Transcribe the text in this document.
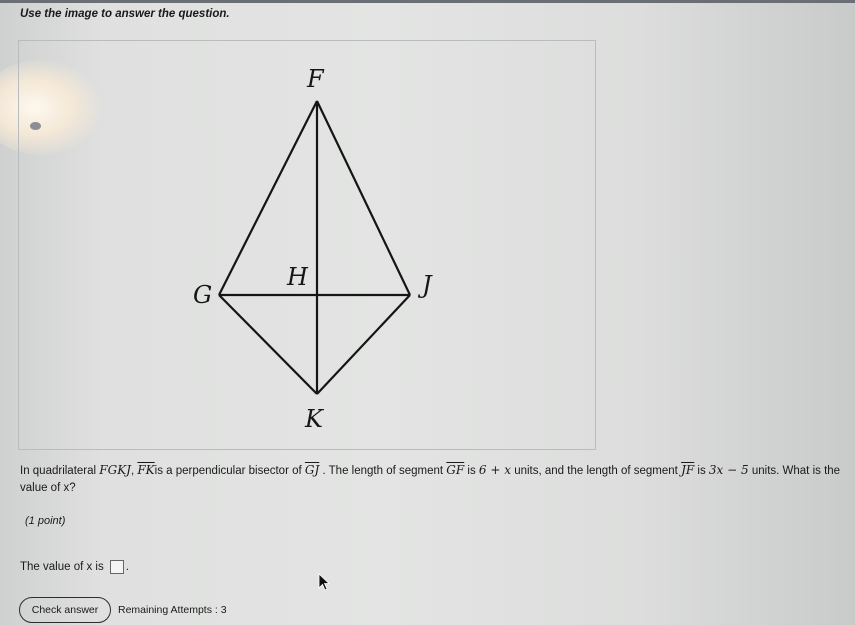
Use the image to answer the question.
F
G
H	J
K
In quadrilateral FGKJ, $\overline{FK}is$ a perpendicular bisector of $\overline{GJ}$ . The length of segment $\overline{GF}$ is 6 + x units, and the length of segment $\overline{JF}$ is 3x − 5 units. What is the value of x?
(1 point)
The value of x is .
Check answer	Remaining Attempts : 3
